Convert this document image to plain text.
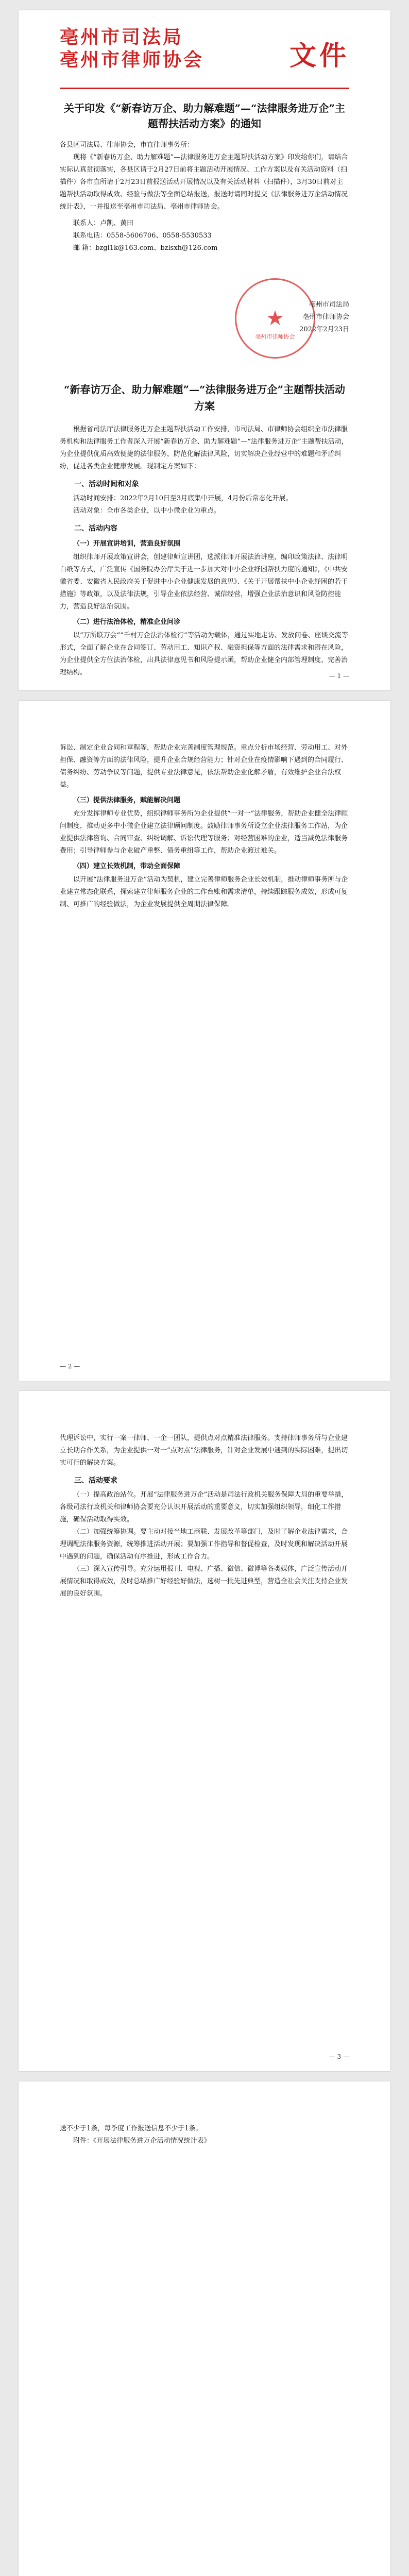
亳州市司法局
亳州市律师协会	文件
关于印发《“新春访万企、助力解难题”—“法律服务进万企”主题帮扶活动方案》的通知

各县区司法局、律师协会，市直律师事务所：

现将《“新春访万企、助力解难题”—法律服务进万企主题帮扶活动方案》印发给你们，请结合实际认真贯彻落实，各县区请于2月27日前将主题活动开展情况、工作方案以及有关活动资料（扫描件）各市直所请于2月23日前报送活动开展情况以及有关活动材料（扫描件），3月30日前对主题帮扶活动取得成效、经验与做法等全面总结报送，报送时请同时提交《法律服务进万企活动情况统计表》，一并报送至亳州市司法局、亳州市律师协会。

联系人：卢凯、黄田

联系电话：0558-5606706、0558-5530533

邮 箱：bzgl1k@163.com、bzlsxh@126.com

★
亳州市律师协会
亳州市司法局
亳州市律师协会
2022年2月23日
“新春访万企、助力解难题”—“法律服务进万企”主题帮扶活动方案

根据省司法厅法律服务进万企主题帮扶活动工作安排，市司法局、市律师协会组织全市法律服务机构和法律服务工作者深入开展“新春访万企、助力解难题”—“法律服务进万企”主题帮扶活动，为企业提供优质高效便捷的法律服务，防范化解法律风险，切实解决企业经营中的难题和矛盾纠纷，促进各类企业健康发展。现制定方案如下：

一、活动时间和对象

活动时间安排：2022年2月10日至3月底集中开展，4月份后常态化开展。

活动对象：全市各类企业，以中小微企业为重点。

二、活动内容
（一）开展宣讲培训，营造良好氛围

组织律师开展政策宣讲会，创建律师宣讲团，选派律师开展法治讲座，编印政策法律、法律明白纸等方式，广泛宣传《国务院办公厅关于进一步加大对中小企业纾困帮扶力度的通知》，《中共安徽省委、安徽省人民政府关于促进中小企业健康发展的意见》、《关于开展帮扶中小企业纾困的若干措施》等政策，以及法律法规，引导企业依法经营、诚信经营，增强企业法治意识和风险防控能力，营造良好法治氛围。

（二）进行法治体检，精准企业问诊

以“万所联万会”“千村万企法治体检行”等活动为载体，通过实地走访、发放问卷、座谈交流等形式，全面了解企业在合同签订、劳动用工、知识产权、融资担保等方面的法律需求和潜在风险，为企业提供全方位法治体检，出具法律意见书和风险提示函，帮助企业健全内部管理制度、完善治理结构。	— 1 —

诉讼、制定企业合同和章程等，帮助企业完善制度管理规范。重点分析市场经营、劳动用工、对外担保、融资等方面的法律风险，提升企业合规经营能力；针对企业在疫情影响下遇到的合同履行、债务纠纷、劳动争议等问题，提供专业法律意见，依法帮助企业化解矛盾，有效维护企业合法权益。

（三）提供法律服务，赋能解决问题

充分发挥律师专业优势，组织律师事务所为企业提供“一对一”法律服务，帮助企业健全法律顾问制度，推动更多中小微企业建立法律顾问制度。鼓励律师事务所设立企业法律服务工作站，为企业提供法律咨询、合同审查、纠纷调解、诉讼代理等服务；对经营困难的企业，适当减免法律服务费用；引导律师参与企业破产重整、债务重组等工作，帮助企业渡过难关。

（四）建立长效机制，带动全面保障

以开展“法律服务进万企”活动为契机，建立完善律师服务企业长效机制，推动律师事务所与企业建立常态化联系，探索建立律师服务企业的工作台账和需求清单，持续跟踪服务成效，形成可复制、可推广的经验做法，为企业发展提供全周期法律保障。

— 2 —

代理诉讼中，实行一案一律师、一企一团队，提供点对点精准法律服务。支持律师事务所与企业建立长期合作关系，为企业提供一对一“点对点”法律服务，针对企业发展中遇到的实际困难，提出切实可行的解决方案。

三、活动要求

（一）提高政治站位。开展“法律服务进万企”活动是司法行政机关服务保障大局的重要举措，各级司法行政机关和律师协会要充分认识开展活动的重要意义，切实加强组织领导，细化工作措施，确保活动取得实效。

（二）加强统筹协调。要主动对接当地工商联、发展改革等部门，及时了解企业法律需求，合理调配法律服务资源，统筹推进活动开展；要加强工作指导和督促检查，及时发现和解决活动开展中遇到的问题，确保活动有序推进，形成工作合力。

（三）深入宣传引导。充分运用报刊、电视、广播、微信、微博等各类媒体，广泛宣传活动开展情况和取得成效，及时总结推广好经验好做法，选树一批先进典型，营造全社会关注支持企业发展的良好氛围。

— 3 —

送不少于1条，每季度工作报送信息不少于1条。

附件：《开展法律服务进万企活动情况统计表》
